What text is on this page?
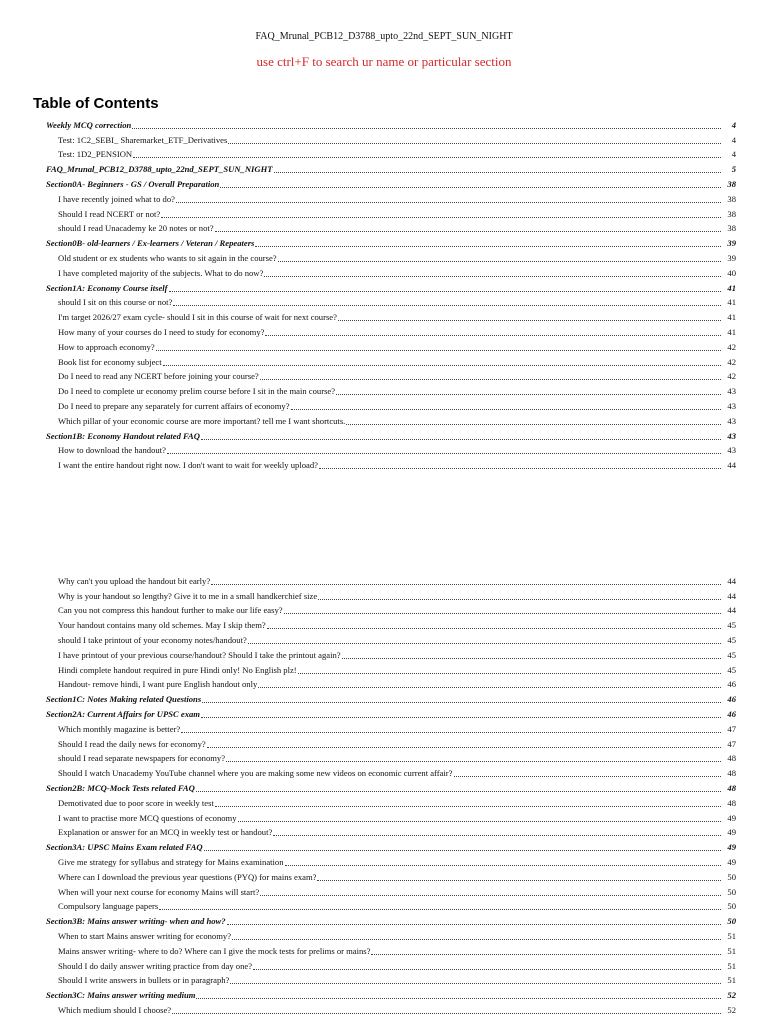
FAQ_Mrunal_PCB12_D3788_upto_22nd_SEPT_SUN_NIGHT
use ctrl+F to search ur name or particular section
Table of Contents
Weekly MCQ correction	4
Test: 1C2_SEBI_ Sharemarket_ETF_Derivatives	4
Test: 1D2_PENSION	4
FAQ_Mrunal_PCB12_D3788_upto_22nd_SEPT_SUN_NIGHT	5
Section0A- Beginners - GS / Overall Preparation	38
I have recently joined what to do?	38
Should I read NCERT or not?	38
should I read Unacademy ke 20 notes or not?	38
Section0B- old-learners / Ex-learners / Veteran / Repeaters	39
Old student or ex students who wants to sit again in the course?	39
I have completed majority of the subjects. What to do now?	40
Section1A: Economy Course itself	41
should I sit on this course or not?	41
I'm target 2026/27 exam cycle- should I sit in this course of wait for next course?	41
How many of your courses do I need to study for economy?	41
How to approach economy?	42
Book list for economy subject	42
Do I need to read any NCERT before joining your course?	42
Do I need to complete ur economy prelim course before I sit in the main course?	43
Do I need to prepare any separately for current affairs of economy?	43
Which pillar of your economic course are more important? tell me I want shortcuts.	43
Section1B: Economy Handout related FAQ	43
How to download the handout?	43
I want the entire handout right now. I don't want to wait for weekly upload?	44
Why can't you upload the handout bit early?	44
Why is your handout so lengthy? Give it to me in a small handkerchief size	44
Can you not compress this handout further to make our life easy?	44
Your handout contains many old schemes. May I skip them?	45
should I take printout of your economy notes/handout?	45
I have printout of your previous course/handout? Should I take the printout again?	45
Hindi complete handout required in pure Hindi only! No English plz!	45
Handout- remove hindi, I want pure English handout only	46
Section1C: Notes Making related Questions	46
Section2A: Current Affairs for UPSC exam	46
Which monthly magazine is better?	47
Should I read the daily news for economy?	47
should I read separate newspapers for economy?	48
Should I watch Unacademy YouTube channel where you are making some new videos on economic current affair?	48
Section2B: MCQ-Mock Tests related FAQ	48
Demotivated due to poor score in weekly test	48
I want to practise more MCQ questions of economy	49
Explanation or answer for an MCQ in weekly test or handout?	49
Section3A: UPSC Mains Exam related FAQ	49
Give me strategy for syllabus and strategy for Mains examination	49
Where can I download the previous year questions (PYQ) for mains exam?	50
When will your next course for economy Mains will start?	50
Compulsory language papers	50
Section3B: Mains answer writing- when and how?	50
When to start Mains answer writing for economy?	51
Mains answer writing- where to do? Where can I give the mock tests for prelims or mains?	51
Should I do daily answer writing practice from day one?	51
Should I write answers in bullets or in paragraph?	51
Section3C: Mains answer writing medium	52
Which medium should I choose?	52
